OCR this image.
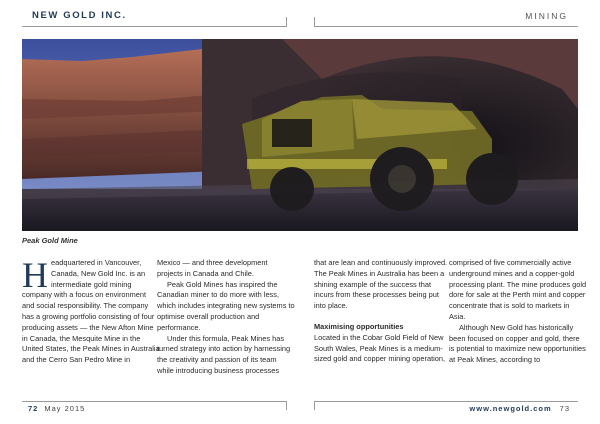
NEW GOLD INC.	MINING
Peak Gold Mine

Headquartered in Vancouver, Canada, New Gold Inc. is an intermediate gold mining company with a focus on environment and social responsibility. The company has a growing portfolio consisting of four producing assets — the New Afton Mine in Canada, the Mesquite Mine in the United States, the Peak Mines in Australia and the Cerro San Pedro Mine in

Mexico — and three development projects in Canada and Chile.

Peak Gold Mines has inspired the Canadian miner to do more with less, which includes integrating new systems to optimise overall production and performance.

Under this formula, Peak Mines has turned strategy into action by harnessing the creativity and passion of its team while introducing business processes

that are lean and continuously improved. The Peak Mines in Australia has been a shining example of the success that incurs from these processes being put into place.

Maximising opportunities

Located in the Cobar Gold Field of New South Wales, Peak Mines is a medium-sized gold and copper mining operation,

comprised of five commercially active underground mines and a copper-gold processing plant. The mine produces gold dore for sale at the Perth mint and copper concentrate that is sold to markets in Asia.

Although New Gold has historically been focused on copper and gold, there is potential to maximize new opportunities at Peak Mines, according to

72 May 2015	www.newgold.com 73
